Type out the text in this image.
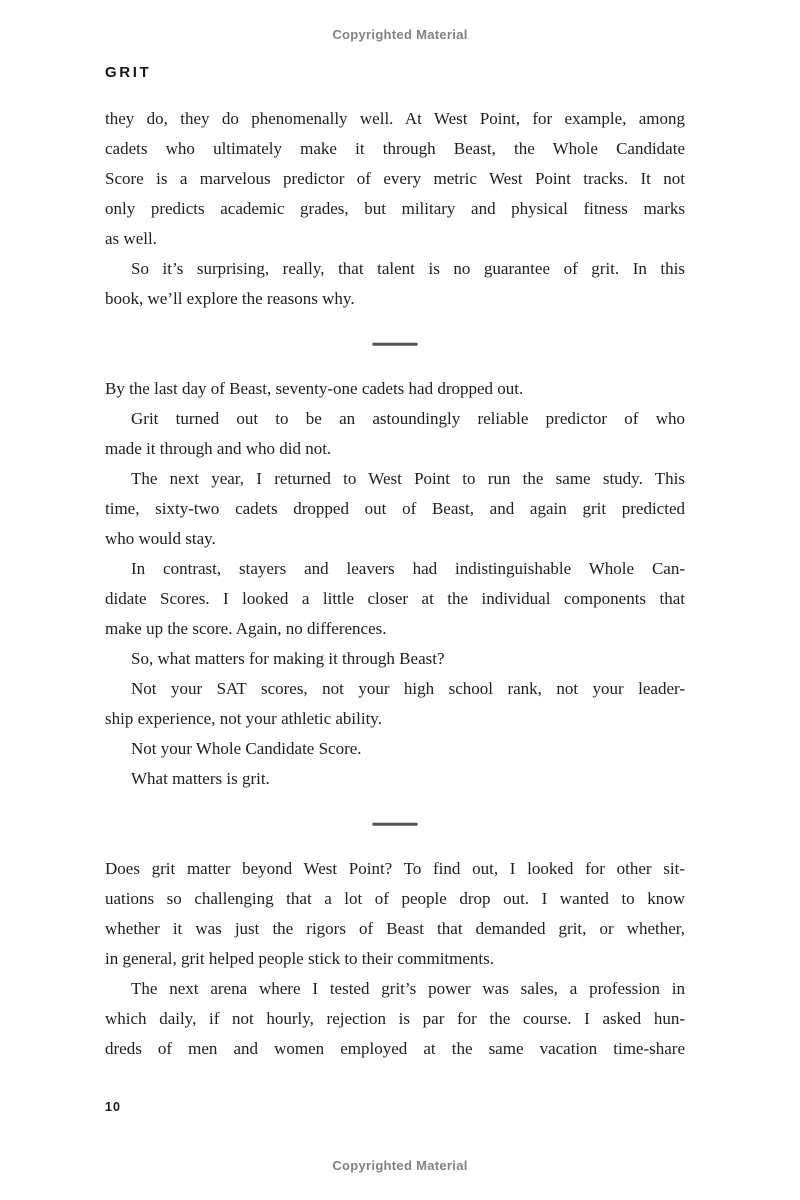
Copyrighted Material
GRIT
they do, they do phenomenally well. At West Point, for example, among
cadets who ultimately make it through Beast, the Whole Candidate
Score is a marvelous predictor of every metric West Point tracks. It not
only predicts academic grades, but military and physical fitness marks
as well.
So it’s surprising, really, that talent is no guarantee of grit. In this
book, we’ll explore the reasons why.
By the last day of Beast, seventy-one cadets had dropped out.
Grit turned out to be an astoundingly reliable predictor of who
made it through and who did not.
The next year, I returned to West Point to run the same study. This
time, sixty-two cadets dropped out of Beast, and again grit predicted
who would stay.
In contrast, stayers and leavers had indistinguishable Whole Can-
didate Scores. I looked a little closer at the individual components that
make up the score. Again, no differences.
So, what matters for making it through Beast?
Not your SAT scores, not your high school rank, not your leader-
ship experience, not your athletic ability.
Not your Whole Candidate Score.
What matters is grit.
Does grit matter beyond West Point? To find out, I looked for other sit-
uations so challenging that a lot of people drop out. I wanted to know
whether it was just the rigors of Beast that demanded grit, or whether,
in general, grit helped people stick to their commitments.
The next arena where I tested grit’s power was sales, a profession in
which daily, if not hourly, rejection is par for the course. I asked hun-
dreds of men and women employed at the same vacation time-share
10
Copyrighted Material
